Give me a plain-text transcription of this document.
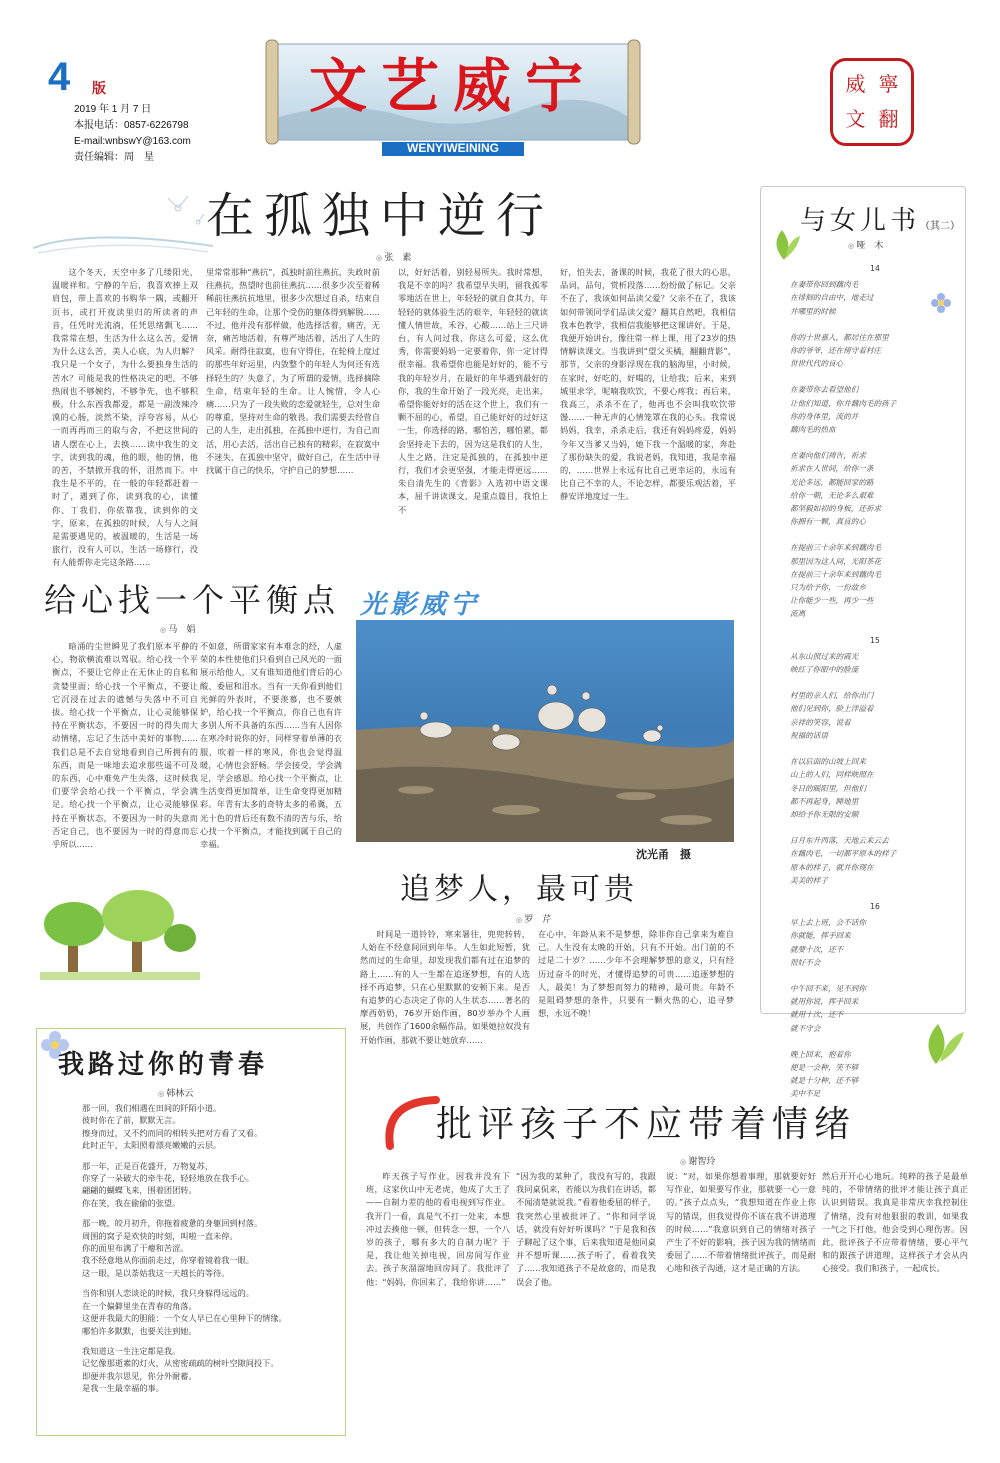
4 版
2019 年 1 月 7 日
本报电话：0857-6226798
E-mail:wnbswY@163.com
责任编辑：周　星
文艺威宁
WENYIWEINING
威 寧
文 翻
在孤独中逆行
◎ 张　素

这个冬天，天空中多了几缕阳光，温暖祥和。宁静的午后，我喜欢捧上双肩包，带上喜欢的书购华一隅，或翻开页书，或打开夜读里归的所读者的声音，任凭时光流淌，任凭思绪飘飞……我常常在想，生活为什么这么苦，爱情为什么这么苦，美人心底，为人归解？我只是一个女子，为什么要独身生活的苦水？可能是我的性格决定的吧，不够热闹也不够婉约，不够争先，也不够积极，什么东西我都爱，都是一副泼辣冷漠的心肠，淡然不染，浮夸容易，从心一而再再而三的取与舍，不把这世间的诸人摆在心上，去换……读中我生的文字，读到我的魂，他的眼，他的情，他的苦，不禁掀开我的怀，泪然而下。中我生是不平的，在一般的年轻都赶着一时了，遇到了你，读到我的心，读懂你、丁我们，你依靠我，读到你的文字，原来，在孤独的时候，人与人之间是需要遇见的，被温暖的，生活是一场旅行，没有人可以，生活一场修行，没有人能帮你走完这条路……

里常常那种“燕抗”，孤独时前往燕抗，失政时前往燕抗，热望时也前往燕抗……很多少次至着稀稀前往燕抗抗地里，很多少次想过自杀，结束自己年轻的生命，让那个受伤的躯体得到解脱……不过，他并没有那样做，他选择活着，痛苦，无奈，痛苦地活着，有尊严地活着，活出了人生的风采。耐得住寂寞，也有守得住，在轮椅上度过的那些年好运里，内敛整个的年轻人为何还有选择轻生的？失意了，为了所谓的爱情，选择摘除生命，结束年轻的生命。让人惋惜，令人心痛……只为了一段失败的恋爱就轻生，总对生命的尊重，坚持对生命的敬畏。我们需要去经营自己的人生，走出孤独，在孤独中逆行，为自己而活，用心去活，活出自己独有的精彩，在寂寞中不迷失，在孤独中坚守，做好自己，在生活中寻找属于自己的快乐，守护自己的梦想……

以，好好活着，别轻易所失。我时常想，我是不幸的吗？我希望早失明，留我孤零零地活在世上，年轻轻的就自食其力，年轻轻的就体验生活的艰辛，年轻轻的就读懂人情世故，禾谷，心酸……站上三尺讲台，有人问过我，你这么可爱，这么优秀，你需要妈妈一定要着你，你一定讨得很幸福。我希望你也能是好好的，能不亏我的年轻岁月，在最好的年华遇到最好的你，我的生命开始了一段光亮，走出来，希望你能好好的活在这个世上，我们有一颗不屈的心，希望，自己能好好的过好这一生，你选择的路，哪怕苦，哪怕累，都会坚持走下去的，因为这是我们的人生，人生之路，注定是孤独的，在孤独中逆行，我们才会更坚强，才能走得更远……朱自清先生的《背影》入选初中语文课本，屈千讲读课文，是重点篇目，我怕上不

好，怕失去，备课的时候，我花了很大的心思，品词，品句，赏析段落……纷纷做了标记。父亲不在了，我该如何品读父爱？父亲不在了，我该如何带领同学们品读父爱？翻其自然吧，我相信我本色教学，我相信我能够把这课讲好。于是，我便开始讲台，像往常一样上课，用了23岁的热情解读课文。当我讲到“望父买橘，翻翻背影”，那节，父亲的身影浮现在我的脑海里，小时候，在家时，好吃的，好喝的，让给我；后来，来到城里求学，呢喃我吹饮，不要心疼我；再后来，我高三，杀杀不在了，他再也不会叫我吹饮带馒……一种无声的心情笼罩在我的心头。我常说妈妈，我幸，杀杀走后，我还有妈妈疼爱，妈妈今年又当爹又当妈，她下我一个温暖的家，奔赴了那份缺失的爱，我说老妈，我知道，我是幸福的，……世界上永远有比自己更幸运的，永远有比自己不幸的人，不论怎样，都要乐观活着，平静安详地度过一生。

与女儿书（其二）
◎ 哑　木
14
在妻带你回到藕肉毛
在徘徊的自由中，地走过
并哪里的时候
你的十世嘉人，都居住在那里
你的爷爷，还在傍守着村庄
世世代代的良心
在妻带你去看望他们
让他们知道，你并藕肉毛的孩子
你的身体里，流的并
藕肉毛的热血
在妻向他们祷告，祈求
祈求在人世间，给你一条
光论多远，都能回家的路
给你一朝，无论多么艰难
都坚毅如初的身板，还祈求
你拥有一颗，真良的心
在提前三十余年来到藕肉毛
那里因为这人间，光阳茶花
在提前三十余年来到藕肉毛
只为给予你，一份故乡
让你能少一些，再少一些
流离
15
从东山照过来的霞光
映红了你眼中的脸庞
村里的亲人们，给你出门
他们见到你，脸上洋溢着
亲祥的笑容，说着
祝福的话语
在以后面的山坡上回来
山上的人们，同样映照在
冬日的暖阳里，但他们
都不再起身，睡地里
却给予你无限的安顺
日月东升西落，天地云来云去
在藕肉毛，一切都平原本的样子
原本的样子，就并你现在
美美的样子
16
早上去上班，会不话你
你就能，挥手回来
就要十次，还不
很好不会
中午回不来，见不到你
就用你说，挥手回来
就用十次，还不
就不守会
晚上回来，抱着你
便是一会种，笑不够
就是十分种，还不够
美中不足
给心找一个平衡点
◎ 马　娟

暗涌的尘世瞬见了我们原本平静的心，物欲横流难以驾驭。给心找一个平衡点，不要让它停止在无休止的自私和贪婪里面；给心找一个平衡点，不要让它沉浸在过去的遗憾与失落中不可自拔。给心找一个平衡点，让心灵能够保持在平衡状态，不要因一时的得失而大动情绪，忘记了生活中美好的事物……我们总是不去自觉地看到自己所拥有的东西，而是一味地去追求那些遥不可及的东西，心中难免产生失落，这时候我们要学会给心找一个平衡点，学会满足。给心找一个平衡点，让心灵能够保持在平衡状态，不要因为一时的失意而否定自己，也不要因为一时的得意而忘乎所以……

不如意，所谓家家有本难念的经，人虚荣的本性使他们只看到自己风光的一面展示给他人，又有谁知道他们背后的心酸、委屈和泪水。当有一天你看到他们光鲜的外表时，不要羡慕，也不要嫉妒，给心找一个平衡点，你自己也有许多别人所不具备的东西……当有人因你在寒冷时说你的好，同样穿着单薄的衣服，吹着一样的寒风，你也会觉得温暖，心情也会舒畅。学会接受，学会满足，学会感恩。给心找一个平衡点，让生活变得更加简单，让生命变得更加精彩。年青有太多的奇特太多的希冀，五光十色的背后还有数不清的苦与乐，给心找一个平衡点，才能找到属于自己的幸福。

光影威宁
沈光甬　摄
追梦人，最可贵
◎ 罗　芹

时间是一道铃铃，寒来暑往，兜兜转转，人始在不经意间回到年华。人生如此短暂，犹然而过的生命里，却发现我们都有过在追梦的路上……有的人一生都在追逐梦想，有的人选择不再追梦，只在心里默默的安顿下来。是否有追梦的心态决定了你的人生状态……著名的摩西奶奶，76岁开始作画，80岁举办个人画展，共创作了1600余幅作品，如果她拉奴没有开始作画，那就不要让她放弃……

在心中，年龄从来不是梦想，除非你自己拿来为难自己。人生没有太晚的开始，只有不开始。出门前的不过是二十岁？……少年不会理解梦想的意义，只有经历过奋斗的时光，才懂得追梦的可贵……追逐梦想的人，最美！为了梦想而努力的精神，最可贵。年龄不是阻碍梦想的条件，只要有一颗火热的心，追寻梦想，永远不晚！

我路过你的青春
◎ 韩林云
那一回，我们相遇在田间的阡陌小道。
彼时你在了前，默默无言。
擦身而过，又不约而同的相转头把对方看了又看。
此时正午，太阳照着漂亮嫩嫩的云层。
那一年，正是百花盛开，万物复苏，
你穿了一朵破大的牵牛花，轻轻地放在我手心。
翩翩的蝴蝶飞来，围着团团转。
你在笑，我在偷偷的张望。
那一晚，皎月初升，你拖着疲惫的身躯回到村落。
周围的窝子是欢快的时刻，叫啦一直未停。
你的面里布满了干瘪和苦涩。
我不经意地从你面前走过，你穿着镜着我一眼。
这一眼，是以荼姑我这一天越长的等待。
当你和别人恋谈论的时候，我只身躲得远远的。
在一个偏僻里坐在青春的角落。
这便并我最大的胆能：一个女人早已在心里种下的情缘。
哪怕许多默默，也要关注到她。
我知道这一生注定都是我。
记忆像那逝素的灯火，从密密疏疏的树叶空隙间投下。
即便并我尔思见，你分外耐蓄。
是我一生最幸福的事。
批评孩子不应带着情绪
◎ 谢智玲

昨天孩子写作业，因我并没有下班，这家伙山中无老虎，他成了大王了——自制力差的他的看电视到写作业。我开门一看，真是气不打一处来，本想冲过去揍他一顿，但转念一想，一个八岁的孩子，哪有多大的自制力呢？于是，我让他关掉电视，回房间写作业去。孩子灰溜溜地回房间了。我批评了他：“妈妈，你回来了，我给你讲……”

“因为我的某种了，我没有写的，我跟我同桌侃来，若能以为我们在讲话，都不闻清楚就说我。”看着他委屈的样子，我突然心里被批评了。“你和同学说话，就没有好好听课吗？”于是我和孩子聊起了这个事，后来我知道是他同桌并不想听课……孩子听了，看着我笑了……我知道孩子不是故意的，而是我误会了他。

说：“对，如果你想着事理，那就要好好写作业，如果要写作业，那就要一心一意的。”孩子点点头，“我想知道在作业上你写的错误，但我觉得你不该在我不讲道理的时候……”我意识到自己的情绪对孩子产生了不好的影响，孩子因为我的情绪而委屈了……不带着情绪批评孩子，而是耐心地和孩子沟通，这才是正确的方法。

然后开开心心地玩。纯粹的孩子是最单纯的，不带情绪的批评才能让孩子真正认识到错误。我真是非常庆幸我控制住了情绪，没有对他狠狠的教训，如果我一气之下打他，他会受到心理伤害。因此，批评孩子不应带着情绪，要心平气和的跟孩子讲道理，这样孩子才会从内心接受。我们和孩子，一起成长。
